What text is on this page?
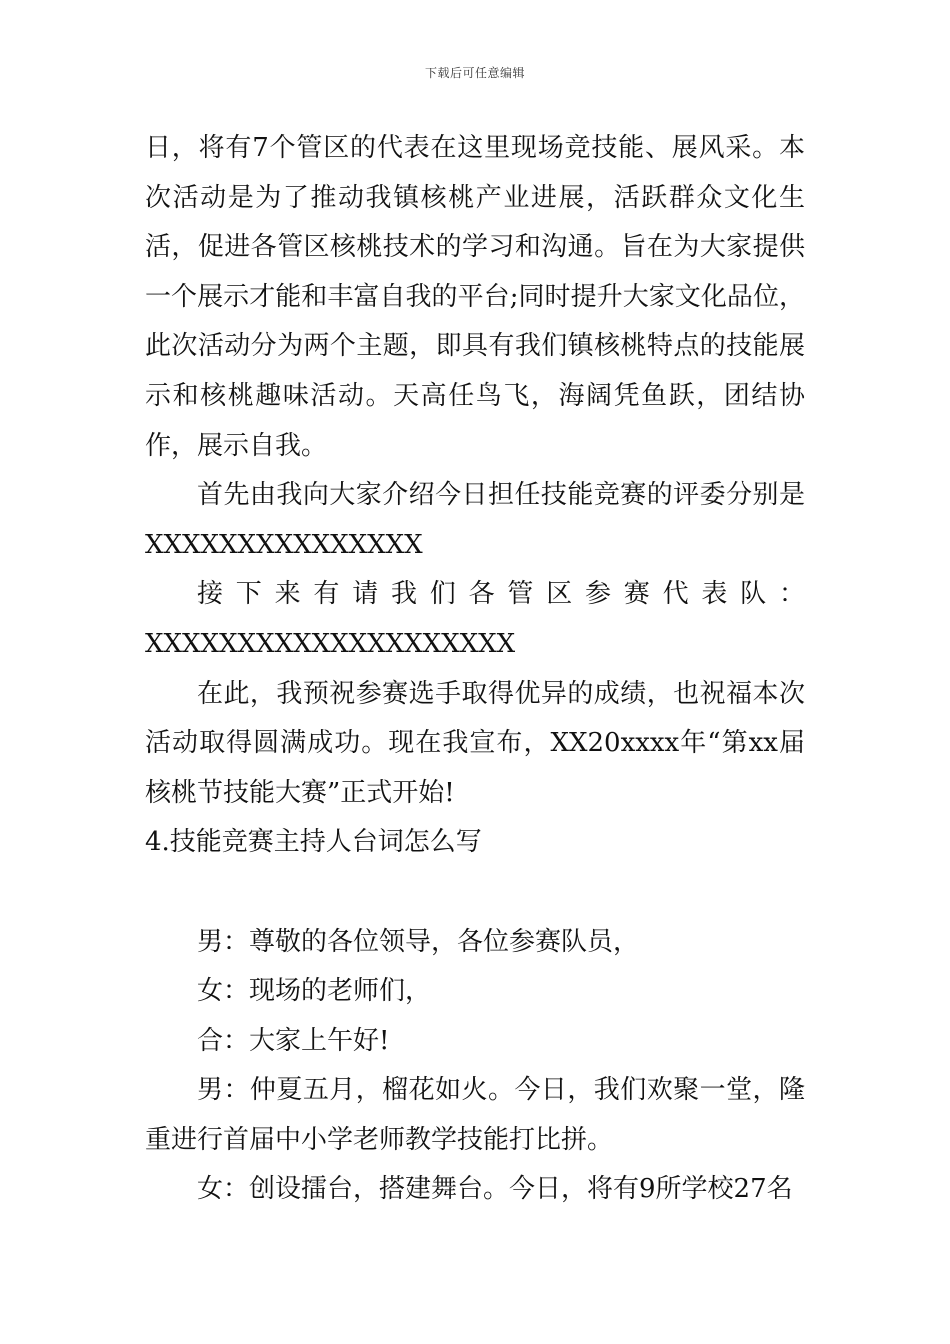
下载后可任意编辑

日，将有7个管区的代表在这里现场竞技能、展风采。本次活动是为了推动我镇核桃产业进展，活跃群众文化生活，促进各管区核桃技术的学习和沟通。旨在为大家提供一个展示才能和丰富自我的平台;同时提升大家文化品位，此次活动分为两个主题，即具有我们镇核桃特点的技能展示和核桃趣味活动。天高任鸟飞，海阔凭鱼跃，团结协作，展示自我。

首先由我向大家介绍今日担任技能竞赛的评委分别是XXXXXXXXXXXXXXX

接下来有请我们各管区参赛代表队：

XXXXXXXXXXXXXXXXXXXX

在此，我预祝参赛选手取得优异的成绩，也祝福本次活动取得圆满成功。现在我宣布，XX20xxxx年“第xx届核桃节技能大赛”正式开始!

4.技能竞赛主持人台词怎么写

男：尊敬的各位领导，各位参赛队员，

女：现场的老师们，

合：大家上午好!

男：仲夏五月，榴花如火。今日，我们欢聚一堂，隆重进行首届中小学老师教学技能打比拼。

女：创设擂台，搭建舞台。今日，将有9所学校27名
